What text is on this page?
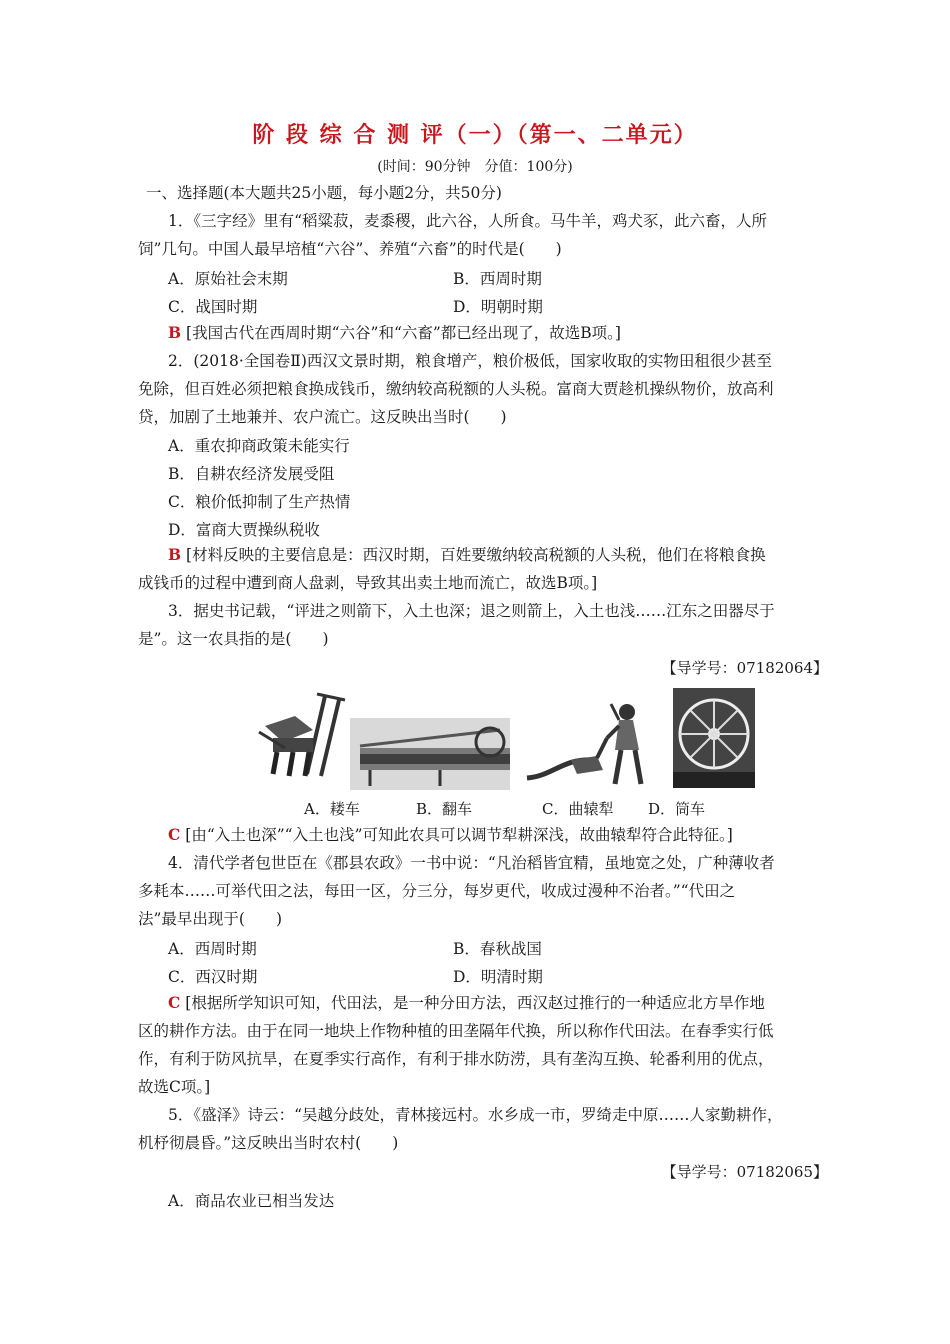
阶 段 综 合 测 评（一）（第一、二单元）
(时间：90分钟　分值：100分)
一、选择题(本大题共25小题，每小题2分，共50分)
1．《三字经》里有“稻粱菽，麦黍稷，此六谷，人所食。马牛羊，鸡犬豕，此六畜，人所
饲”几句。中国人最早培植“六谷”、养殖“六畜”的时代是(　　)
A．原始社会末期	B．西周时期
C．战国时期	D．明朝时期
B [我国古代在西周时期“六谷”和“六畜”都已经出现了，故选B项。]
2．(2018·全国卷Ⅱ)西汉文景时期，粮食增产，粮价极低，国家收取的实物田租很少甚至
免除，但百姓必须把粮食换成钱币，缴纳较高税额的人头税。富商大贾趁机操纵物价，放高利
贷，加剧了土地兼并、农户流亡。这反映出当时(　　)
A．重农抑商政策未能实行
B．自耕农经济发展受阻
C．粮价低抑制了生产热情
D．富商大贾操纵税收
B [材料反映的主要信息是：西汉时期，百姓要缴纳较高税额的人头税，他们在将粮食换
成钱币的过程中遭到商人盘剥，导致其出卖土地而流亡，故选B项。]
3．据史书记载，“评进之则箭下，入土也深；退之则箭上，入土也浅……江东之田器尽于
是”。这一农具指的是(　　)
【导学号：07182064】
A．耧车	B．翻车	C．曲辕犁 D．筒车
C [由“入土也深”“入土也浅”可知此农具可以调节犁耕深浅，故曲辕犁符合此特征。]
4．清代学者包世臣在《郡县农政》一书中说：“凡治稻皆宜精，虽地宽之处，广种薄收者
多耗本……可举代田之法，每田一区，分三分，每岁更代，收成过漫种不治者。”“代田之
法”最早出现于(　　)
A．西周时期	B．春秋战国
C．西汉时期	D．明清时期
C [根据所学知识可知，代田法，是一种分田方法，西汉赵过推行的一种适应北方旱作地
区的耕作方法。由于在同一地块上作物种植的田垄隔年代换，所以称作代田法。在春季实行低
作，有利于防风抗旱，在夏季实行高作，有利于排水防涝，具有垄沟互换、轮番利用的优点，
故选C项。]
5．《盛泽》诗云：“吴越分歧处，青林接远村。水乡成一市，罗绮走中原……人家勤耕作，
机杼彻晨昏。”这反映出当时农村(　　)
【导学号：07182065】
A．商品农业已相当发达
